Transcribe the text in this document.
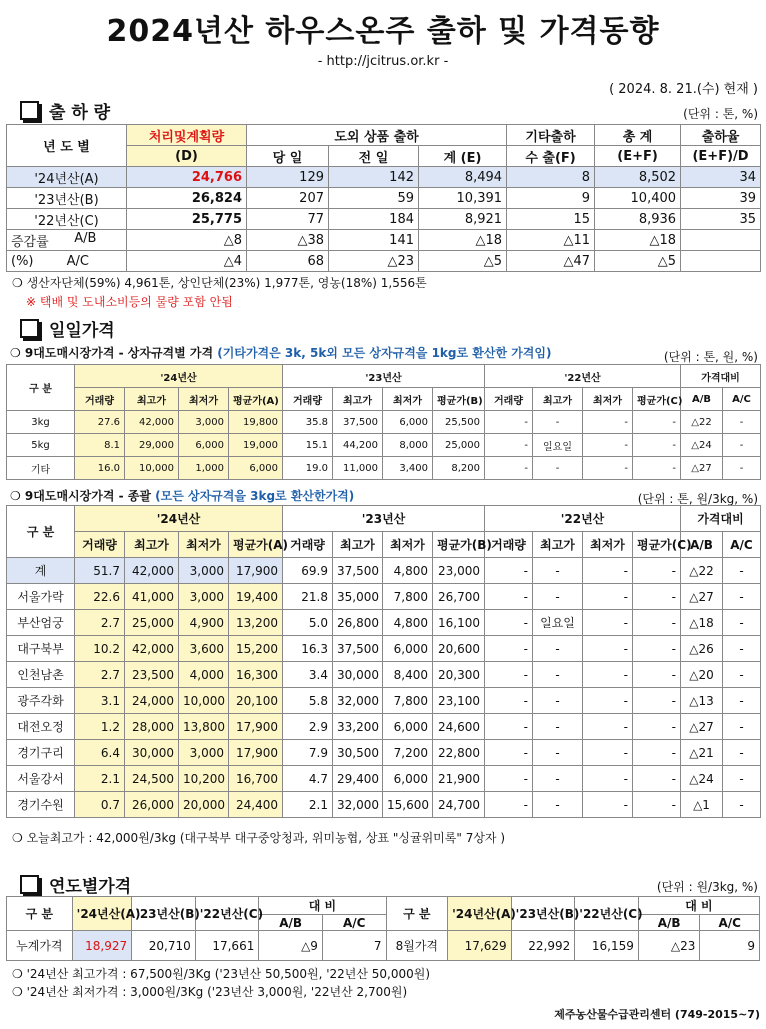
2024년산 하우스온주 출하 및 가격동향
- http://jcitrus.or.kr -
( 2024. 8. 21.(수) 현재 )
출 하 량	(단위 : 톤, %)
년 도 별	처리및계획량	도외 상품 출하			기타출하	총 계	출하율
	(D)	당 일	전 일	계 (E)	수 출(F)	(E+F)	(E+F)/D
'24년산(A)	24,766	129	142	8,494	8	8,502	34
'23년산(B)	26,824	207	59	10,391	9	10,400	39
'22년산(C)	25,775	77	184	8,921	15	8,936	35

증감률 A/B	△8	△38	141	△18	△11	△18	

(%) A/C	△4	68	△23	△5	△47	△5	
❍ 생산자단체(59%) 4,961톤, 상인단체(23%) 1,977톤, 영농(18%) 1,556톤
※ 택배 및 도내소비등의 물량 포함 안됨
일일가격
❍ 9대도매시장가격 - 상자규격별 가격 (기타가격은 3k, 5k외 모든 상자규격을 1kg로 환산한 가격임)	(단위 : 톤, 원, %)
구 분	'24년산				'23년산				'22년산				가격대비	
	거래량	최고가	최저가	평균가(A)	거래량	최고가	최저가	평균가(B)	거래량	최고가	최저가	평균가(C)	A/B	A/C
3kg	27.6	42,000	3,000	19,800	35.8	37,500	6,000	25,500	-	-	-	-	△22	-
5kg	8.1	29,000	6,000	19,000	15.1	44,200	8,000	25,000	-	일요일	-	-	△24	-
기타	16.0	10,000	1,000	6,000	19.0	11,000	3,400	8,200	-	-	-	-	△27	-
❍ 9대도매시장가격 - 종괄 (모든 상자규격을 3kg로 환산한가격)	(단위 : 톤, 원/3kg, %)
구 분	'24년산				'23년산				'22년산				가격대비	
	거래량	최고가	최저가	평균가(A)	거래량	최고가	최저가	평균가(B)	거래량	최고가	최저가	평균가(C)	A/B	A/C
계	51.7	42,000	3,000	17,900	69.9	37,500	4,800	23,000	-	-	-	-	△22	-
서울가락	22.6	41,000	3,000	19,400	21.8	35,000	7,800	26,700	-	-	-	-	△27	-
부산엄궁	2.7	25,000	4,900	13,200	5.0	26,800	4,800	16,100	-	일요일	-	-	△18	-
대구북부	10.2	42,000	3,600	15,200	16.3	37,500	6,000	20,600	-	-	-	-	△26	-
인천남촌	2.7	23,500	4,000	16,300	3.4	30,000	8,400	20,300	-	-	-	-	△20	-
광주각화	3.1	24,000	10,000	20,100	5.8	32,000	7,800	23,100	-	-	-	-	△13	-
대전오정	1.2	28,000	13,800	17,900	2.9	33,200	6,000	24,600	-	-	-	-	△27	-
경기구리	6.4	30,000	3,000	17,900	7.9	30,500	7,200	22,800	-	-	-	-	△21	-
서울강서	2.1	24,500	10,200	16,700	4.7	29,400	6,000	21,900	-	-	-	-	△24	-
경기수원	0.7	26,000	20,000	24,400	2.1	32,000	15,600	24,700	-	-	-	-	△1	-
❍ 오늘최고가 : 42,000원/3kg (대구북부 대구중앙청과, 위미농협, 상표 "싱귤위미록" 7상자 )
연도별가격	(단위 : 원/3kg, %)
구 분	'24년산(A)	'23년산(B)	'22년산(C)	대 비		구 분	'24년산(A)	'23년산(B)	'22년산(C)	대 비	
				A/B	A/C					A/B	A/C
누계가격	18,927	20,710	17,661	△9	7	8월가격	17,629	22,992	16,159	△23	9
❍ '24년산 최고가격 : 67,500원/3Kg ('23년산 50,500원, '22년산 50,000원)
❍ '24년산 최저가격 : 3,000원/3Kg ('23년산 3,000원, '22년산 2,700원)
제주농산물수급관리센터 (749-2015~7)
